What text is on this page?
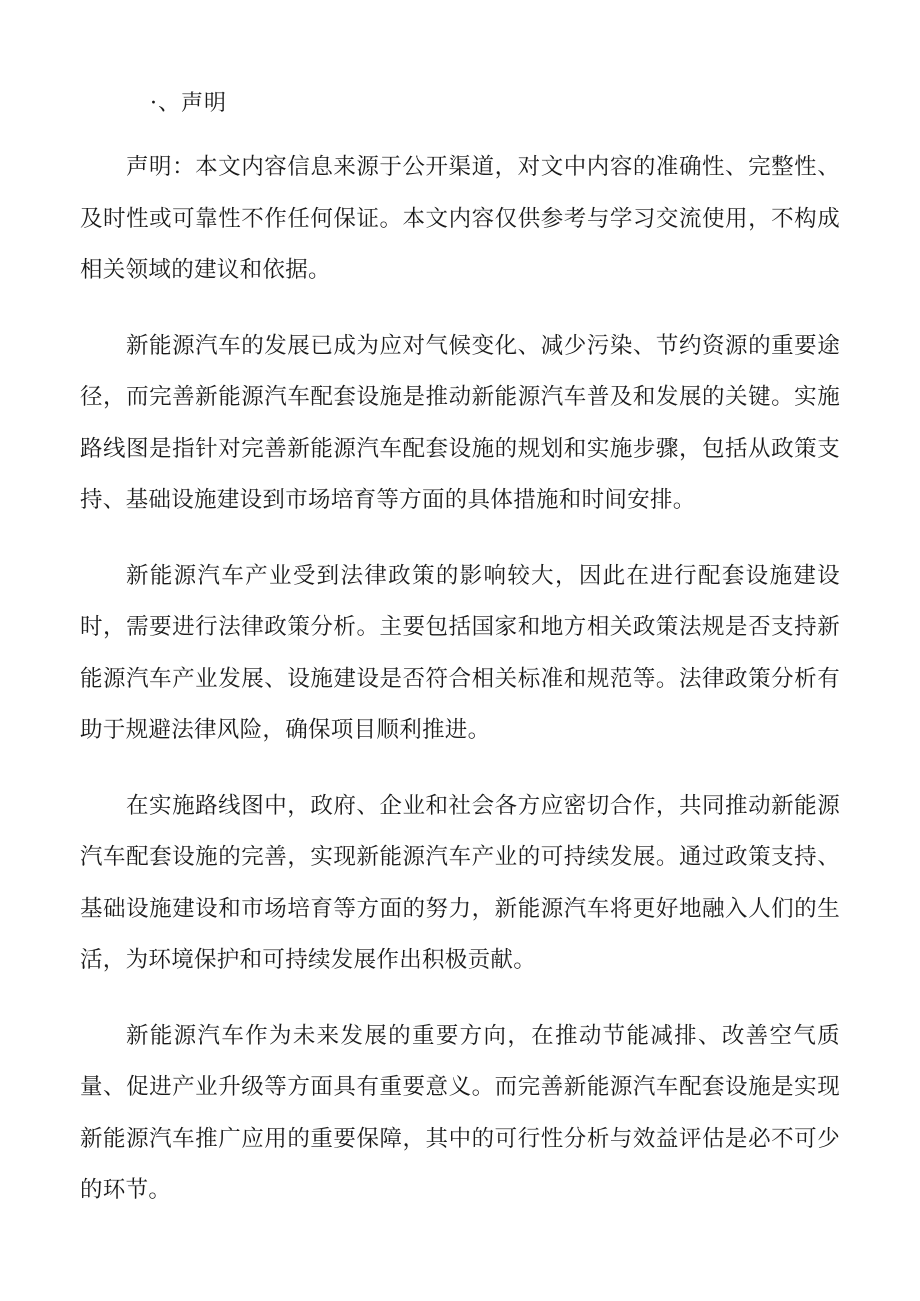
·、声明

声明：本文内容信息来源于公开渠道，对文中内容的准确性、完整性、及时性或可靠性不作任何保证。本文内容仅供参考与学习交流使用，不构成相关领域的建议和依据。

新能源汽车的发展已成为应对气候变化、减少污染、节约资源的重要途径，而完善新能源汽车配套设施是推动新能源汽车普及和发展的关键。实施路线图是指针对完善新能源汽车配套设施的规划和实施步骤，包括从政策支持、基础设施建设到市场培育等方面的具体措施和时间安排。

新能源汽车产业受到法律政策的影响较大，因此在进行配套设施建设时，需要进行法律政策分析。主要包括国家和地方相关政策法规是否支持新能源汽车产业发展、设施建设是否符合相关标准和规范等。法律政策分析有助于规避法律风险，确保项目顺利推进。

在实施路线图中，政府、企业和社会各方应密切合作，共同推动新能源汽车配套设施的完善，实现新能源汽车产业的可持续发展。通过政策支持、基础设施建设和市场培育等方面的努力，新能源汽车将更好地融入人们的生活，为环境保护和可持续发展作出积极贡献。

新能源汽车作为未来发展的重要方向，在推动节能减排、改善空气质量、促进产业升级等方面具有重要意义。而完善新能源汽车配套设施是实现新能源汽车推广应用的重要保障，其中的可行性分析与效益评估是必不可少的环节。
